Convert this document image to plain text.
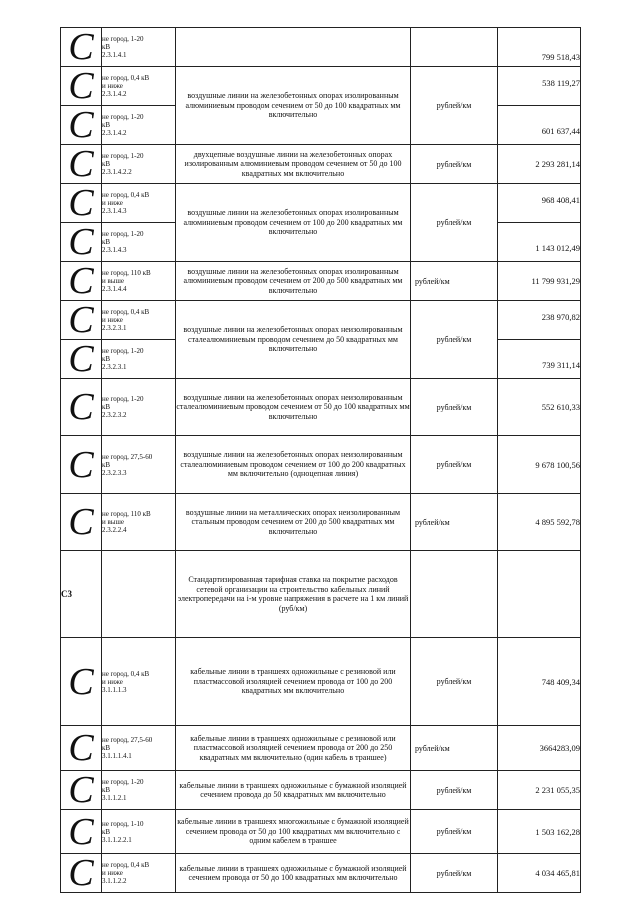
C	не город, 1-20
кВ
2.3.1.4.1			799 518,43
C	не город, 0,4 кВ
и ниже
2.3.1.4.2	воздушные линии на железобетонных опорах изолированным алюминиевым проводом сечением от 50 до 100 квадратных мм включительно	рублей/км	538 119,27
C	не город, 1-20
кВ
2.3.1.4.2			601 637,44
C	не город, 1-20
кВ
2.3.1.4.2.2	двухцепные воздушные линии на железобетонных опорах изолированным алюминиевым проводом сечением от 50 до 100 квадратных мм включительно	рублей/км	2 293 281,14
C	не город, 0,4 кВ
и ниже
2.3.1.4.3	воздушные линии на железобетонных опорах изолированным алюминиевым проводом сечением от 100 до 200 квадратных мм включительно	рублей/км	968 408,41
C	не город, 1-20
кВ
2.3.1.4.3			1 143 012,49
C	не город, 110 кВ
и выше
2.3.1.4.4	воздушные линии на железобетонных опорах изолированным алюминиевым проводом сечением от 200 до 500 квадратных мм включительно	рублей/км	11 799 931,29
C	не город, 0,4 кВ
и ниже
2.3.2.3.1	воздушные линии на железобетонных опорах неизолированным сталеалюминиевым проводом сечением до 50 квадратных мм включительно	рублей/км	238 970,82
C	не город, 1-20
кВ
2.3.2.3.1			739 311,14
C	не город, 1-20
кВ
2.3.2.3.2	воздушные линии на железобетонных опорах неизолированным сталеалюминиевым проводом сечением от 50 до 100 квадратных мм включительно	рублей/км	552 610,33
C	не город, 27,5-60
кВ
2.3.2.3.3	воздушные линии на железобетонных опорах неизолированным сталеалюминиевым проводом сечением от 100 до 200 квадратных мм включительно (одноцепная линия)	рублей/км	9 678 100,56
C	не город, 110 кВ
и выше
2.3.2.2.4	воздушные линии на металлических опорах неизолированным стальным проводом сечением от 200 до 500 квадратных мм включительно	рублей/км	4 895 592,78
C3		Стандартизированная тарифная ставка на покрытие расходов сетевой организации на строительство кабельных линий электропередачи на i-м уровне напряжения в расчете на 1 км линий (руб/км)		
C	не город, 0,4 кВ
и ниже
3.1.1.1.3	кабельные линии в траншеях одножильные с резиновой или пластмассовой изоляцией сечением провода от 100 до 200 квадратных мм включительно	рублей/км	748 409,34
C	не город, 27,5-60
кВ
3.1.1.1.4.1	кабельные линии в траншеях одножильные с резиновой или пластмассовой изоляцией сечением провода от 200 до 250 квадратных мм включительно (один кабель в траншее)	рублей/км	3664283,09
C	не город, 1-20
кВ
3.1.1.2.1	кабельные линии в траншеях одножильные с бумажной изоляцией сечением провода до 50 квадратных мм включительно	рублей/км	2 231 055,35
C	не город, 1-10
кВ
3.1.1.2.2.1	кабельные линии в траншеях многожильные с бумажной изоляцией сечением провода от 50 до 100 квадратных мм включительно с одним кабелем в траншее	рублей/км	1 503 162,28
C	не город, 0,4 кВ
и ниже
3.1.1.2.2	кабельные линии в траншеях одножильные с бумажной изоляцией сечением провода от 50 до 100 квадратных мм включительно	рублей/км	4 034 465,81
